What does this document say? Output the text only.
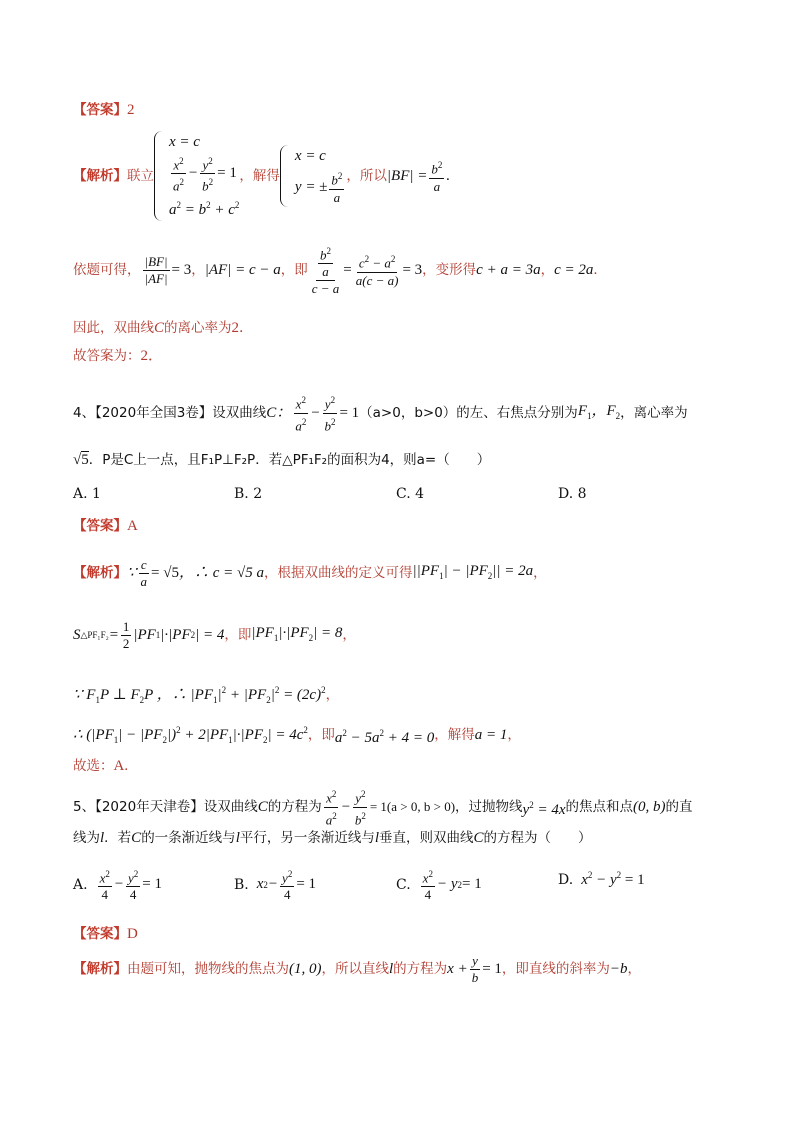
【答案】 2
【解析】 联立
x = c
$\frac{x^2}{a^2} - \frac{y^2}{b^2} = 1$
$a^2 = b^2 + c^2$
，解得
x = c
y = ± $\frac{b^2}{a}$ ，所以 $|BF| = \frac{b^2}{a}$ .
依题可得， $\frac{|BF|}{|AF|} = 3$ ， |AF| = c − a ，即 $\frac{\frac{b^2}{a}}{c - a} = \frac{c^2 - a^2}{a(c - a)} = 3$ ，变形得 c + a = 3a ， c = 2a ．
因此，双曲线 C 的离心率为 2 .
故答案为： 2．
4、【2020年全国3卷】设双曲线 C： $\frac{x^2}{a^2} - \frac{y^2}{b^2} = 1$ （a>0，b>0）的左、右焦点分别为 $F_1$，$F_2$ ，离心率为
√5 ．P是C上一点，且F₁P⊥F₂P．若△PF₁F₂的面积为4，则a=（　　）
A. 1	B. 2	C. 4	D. 8
【答案】 A
【解析】 ∵ $\frac{c}{a} = √5$ ，∴ c = √5 a ，根据双曲线的定义可得 $||PF_1| - |PF_2|| = 2a$ ，
S △PF₁F₂ = $\frac{1}{2} |PF$ 1 |·|PF 2 | = 4 ，即 $|PF_1|\cdot|PF_2| = 8$ ，
∵ $F_1P$ ⊥ $F_2P$ ，∴ $|PF_1|^2 + |PF_2|^2 = (2c)^2$ ，
∴ $(|PF_1| - |PF_2|)^2 + 2|PF_1|\cdot|PF_2| = 4c^2$ ，即 $a^2 - 5a^2 + 4 = 0$ ，解得 a = 1 ，
故选： A.
5、【2020年天津卷】设双曲线 C 的方程为 $\frac{x^2}{a^2} - \frac{y^2}{b^2} = 1(a > 0$, b > 0) ，过抛物线 $y^2 = 4x$ 的焦点和点 (0, b) 的直
线为 l ．若 C 的一条渐近线与 l 平行，另一条渐近线与 l 垂直，则双曲线 C 的方程为（　　）
A. $\frac{x^2}{4} - \frac{y^2}{4} = 1$	B. x $2 - \frac{y^2}{4} = 1$	C. $\frac{x^2}{4} - y$ 2 = 1	D. $x^2 - y^2 = 1$
【答案】 D
【解析】 由题可知，抛物线的焦点为 (1, 0) ，所以直线 l 的方程为 $x + \frac{y}{b} = 1$ ，即直线的斜率为 −b ，
